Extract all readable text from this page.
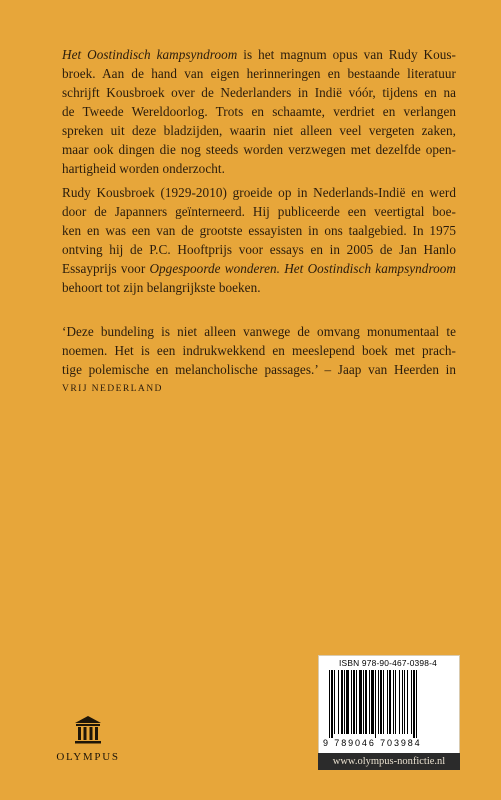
Het Oostindisch kampsyndroom is het magnum opus van Rudy Kous-
broek. Aan de hand van eigen herinneringen en bestaande literatuur
schrijft Kousbroek over de Nederlanders in Indië vóór, tijdens en na
de Tweede Wereldoorlog. Trots en schaamte, verdriet en verlangen
spreken uit deze bladzijden, waarin niet alleen veel vergeten zaken,
maar ook dingen die nog steeds worden verzwegen met dezelfde open-
hartigheid worden onderzocht.
Rudy Kousbroek (1929-2010) groeide op in Nederlands-Indië en werd
door de Japanners geïnterneerd. Hij publiceerde een veertigtal boe-
ken en was een van de grootste essayisten in ons taalgebied. In 1975
ontving hij de P.C. Hooftprijs voor essays en in 2005 de Jan Hanlo
Essayprijs voor Opgespoorde wonderen. Het Oostindisch kampsyndroom
behoort tot zijn belangrijkste boeken.
‘Deze bundeling is niet alleen vanwege de omvang monumentaal te
noemen. Het is een indrukwekkend en meeslepend boek met prach-
tige polemische en melancholische passages.’ – Jaap van Heerden in
VRIJ NEDERLAND
OLYMPUS
ISBN 978-90-467-0398-4
9 789046 703984
www.olympus-nonfictie.nl
